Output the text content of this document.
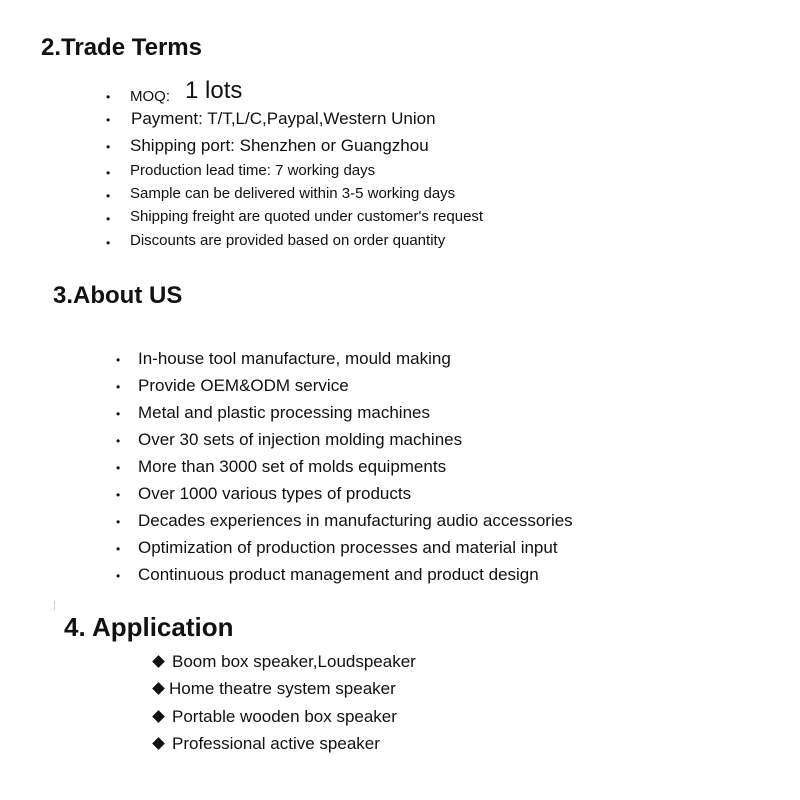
2.Trade Terms
• MOQ: 1 lots
• Payment: T/T,L/C,Paypal,Western Union
• Shipping port: Shenzhen or Guangzhou
• Production lead time: 7 working days
• Sample can be delivered within 3-5 working days
• Shipping freight are quoted under customer's request
• Discounts are provided based on order quantity
3.About US
• In-house tool manufacture, mould making
• Provide OEM&ODM service
• Metal and plastic processing machines
• Over 30 sets of injection molding machines
• More than 3000 set of molds equipments
• Over 1000 various types of products
• Decades experiences in manufacturing audio accessories
• Optimization of production processes and material input
• Continuous product management and product design
4. Application
Boom box speaker,Loudspeaker
Home theatre system speaker
Portable wooden box speaker
Professional active speaker
